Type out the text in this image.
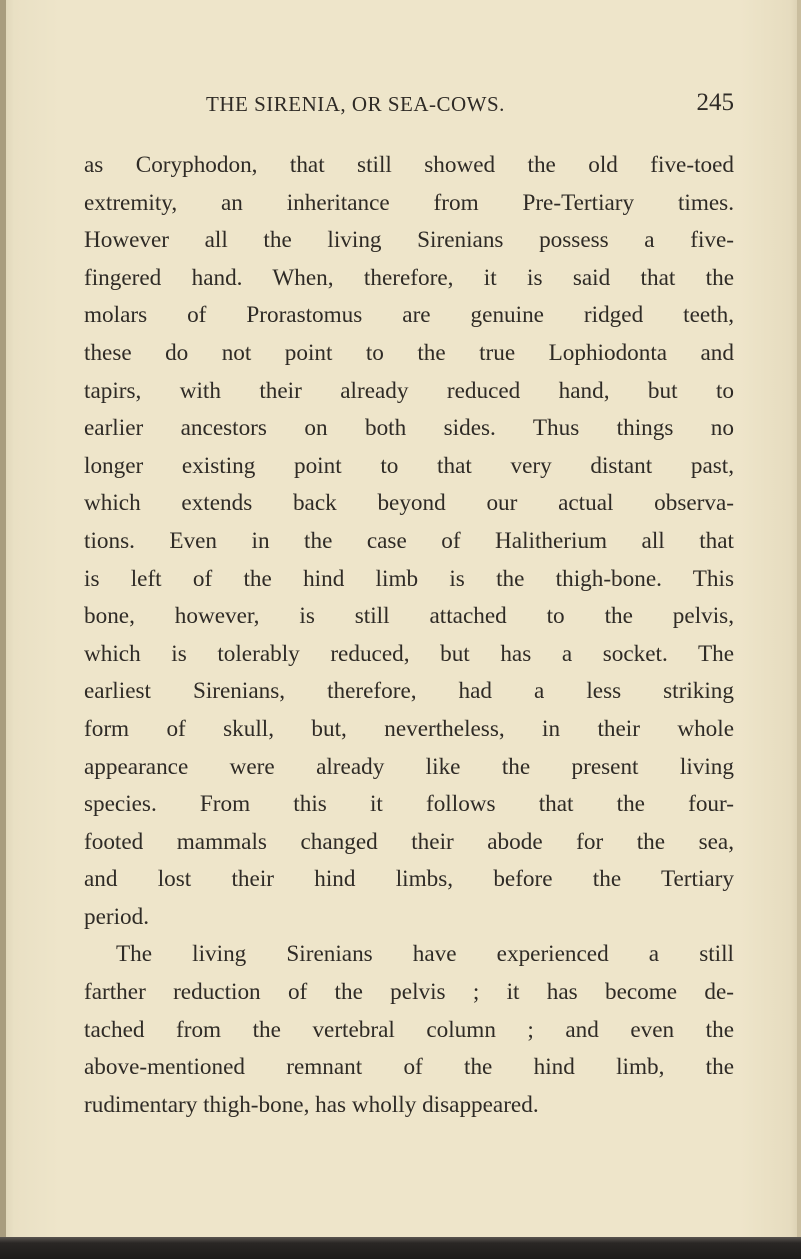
THE SIRENIA, OR SEA-COWS.	245
as Coryphodon, that still showed the old five-toed
extremity, an inheritance from Pre-Tertiary times.
However all the living Sirenians possess a five-
fingered hand. When, therefore, it is said that the
molars of Prorastomus are genuine ridged teeth,
these do not point to the true Lophiodonta and
tapirs, with their already reduced hand, but to
earlier ancestors on both sides. Thus things no
longer existing point to that very distant past,
which extends back beyond our actual observa-
tions. Even in the case of Halitherium all that
is left of the hind limb is the thigh-bone. This
bone, however, is still attached to the pelvis,
which is tolerably reduced, but has a socket. The
earliest Sirenians, therefore, had a less striking
form of skull, but, nevertheless, in their whole
appearance were already like the present living
species. From this it follows that the four-
footed mammals changed their abode for the sea,
and lost their hind limbs, before the Tertiary
period.
The living Sirenians have experienced a still
farther reduction of the pelvis ; it has become de-
tached from the vertebral column ; and even the
above-mentioned remnant of the hind limb, the
rudimentary thigh-bone, has wholly disappeared.
